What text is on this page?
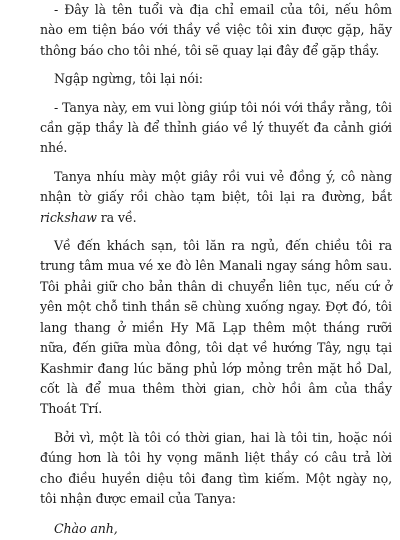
- Đây là tên tuổi và địa chỉ email của tôi, nếu hôm nào em tiện báo với thầy về việc tôi xin được gặp, hãy thông báo cho tôi nhé, tôi sẽ quay lại đây để gặp thầy.

Ngập ngừng, tôi lại nói:

- Tanya này, em vui lòng giúp tôi nói với thầy rằng, tôi cần gặp thầy là để thỉnh giáo về lý thuyết đa cảnh giới nhé.

Tanya nhíu mày một giây rồi vui vẻ đồng ý, cô nàng nhận tờ giấy rồi chào tạm biệt, tôi lại ra đường, bắt rickshaw ra về.

Về đến khách sạn, tôi lăn ra ngủ, đến chiều tôi ra trung tâm mua vé xe đò lên Manali ngay sáng hôm sau. Tôi phải giữ cho bản thân di chuyển liên tục, nếu cứ ở yên một chỗ tinh thần sẽ chùng xuống ngay. Đợt đó, tôi lang thang ở miền Hy Mã Lạp thêm một tháng rưỡi nữa, đến giữa mùa đông, tôi dạt về hướng Tây, ngụ tại Kashmir đang lúc băng phủ lớp mỏng trên mặt hồ Dal, cốt là để mua thêm thời gian, chờ hồi âm của thầy Thoát Trí.

Bởi vì, một là tôi có thời gian, hai là tôi tin, hoặc nói đúng hơn là tôi hy vọng mãnh liệt thầy có câu trả lời cho điều huyền diệu tôi đang tìm kiếm. Một ngày nọ, tôi nhận được email của Tanya:

Chào anh,
